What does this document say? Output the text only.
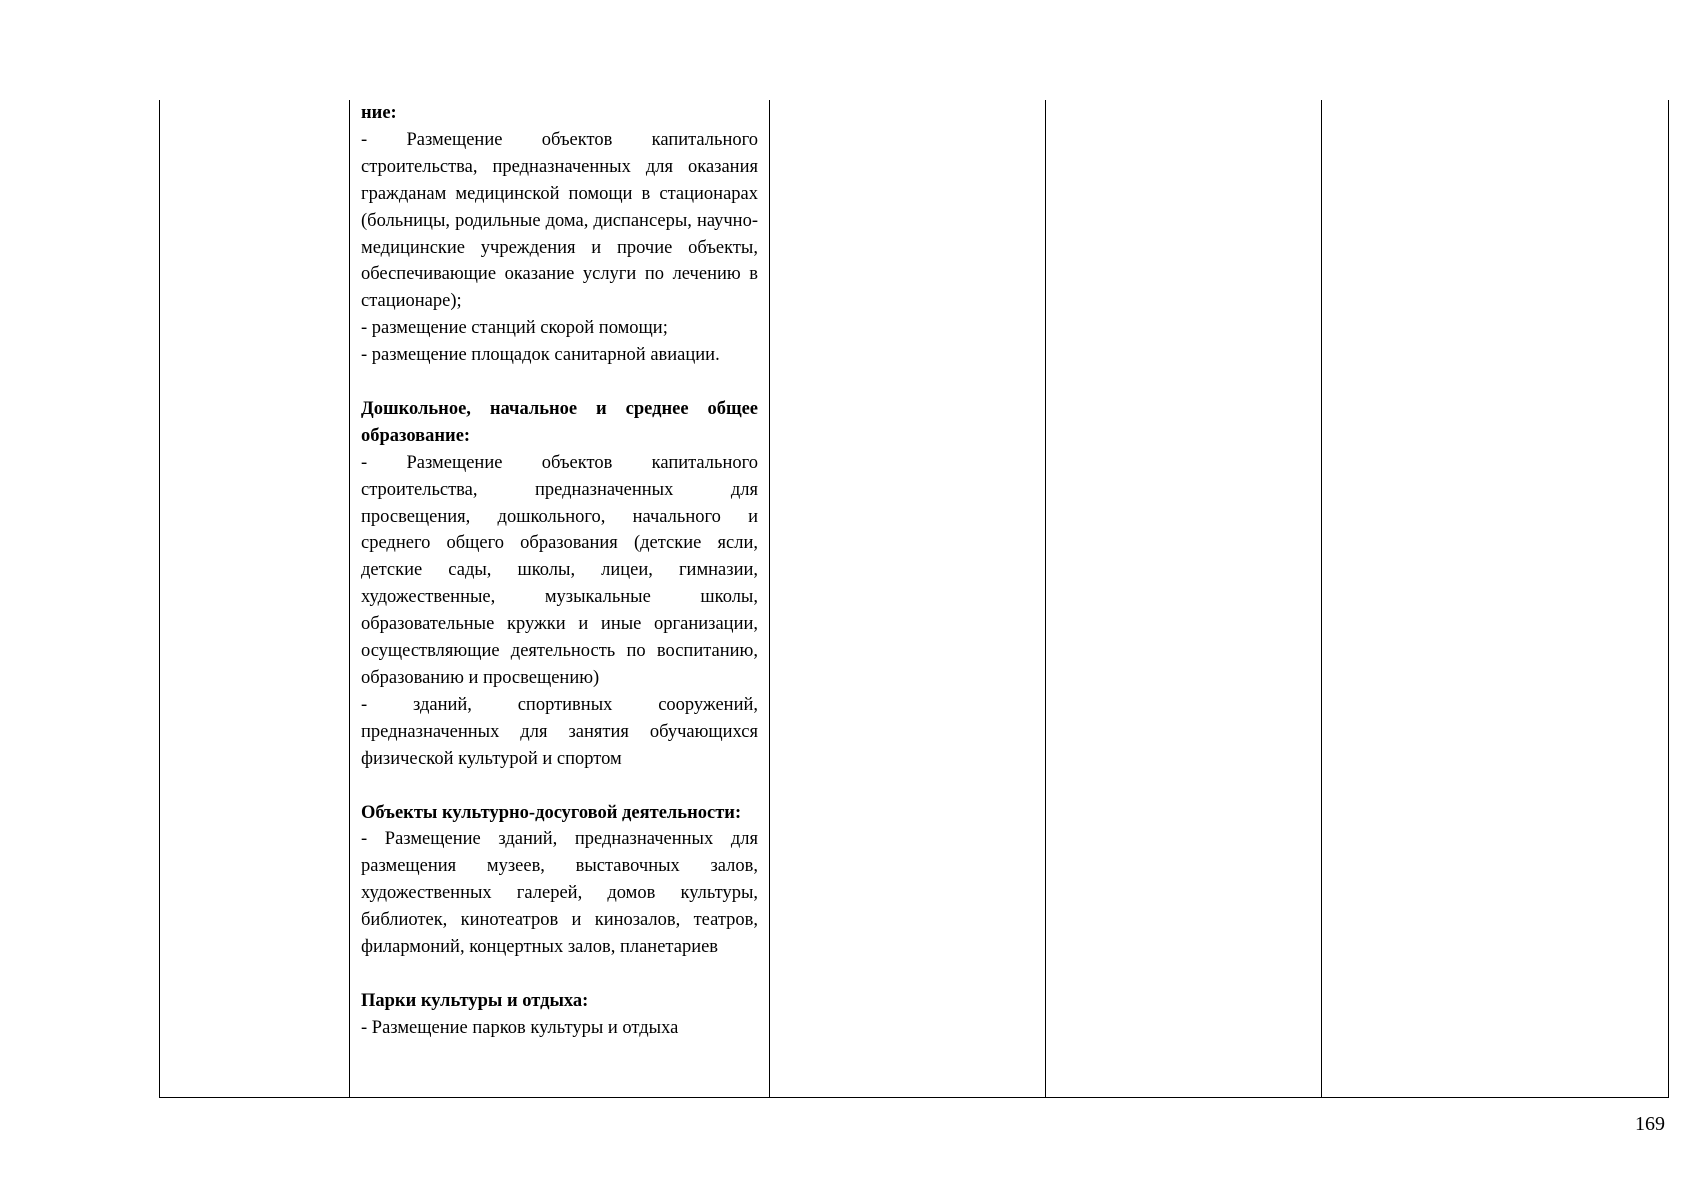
ние:

- Размещение объектов капитального строительства, предназначенных для оказания гражданам медицинской помощи в стационарах (больницы, родильные дома, диспансеры, научно-медицинские учреждения и прочие объекты, обеспечивающие оказание услуги по лечению в стационаре);

- размещение станций скорой помощи;

- размещение площадок санитарной авиации.

Дошкольное, начальное и среднее общее образование:

- Размещение объектов капитального строительства, предназначенных для просвещения, дошкольного, начального и среднего общего образования (детские ясли, детские сады, школы, лицеи, гимназии, художественные, музыкальные школы, образовательные кружки и иные организации, осуществляющие деятельность по воспитанию, образованию и просвещению)

- зданий, спортивных сооружений, предназначенных для занятия обучающихся физической культурой и спортом

Объекты культурно-досуговой деятельности:

- Размещение зданий, предназначенных для размещения музеев, выставочных залов, художественных галерей, домов культуры, библиотек, кинотеатров и кинозалов, театров, филармоний, концертных залов, планетариев

Парки культуры и отдыха:

- Размещение парков культуры и отдыха

169
